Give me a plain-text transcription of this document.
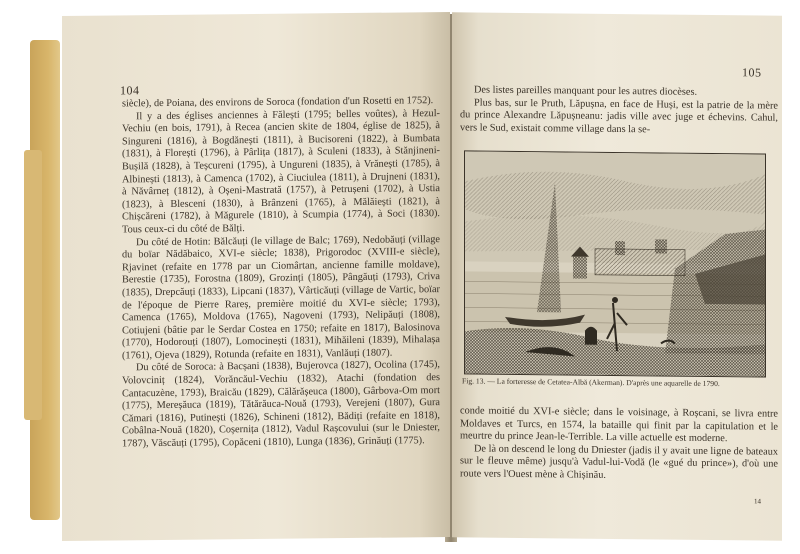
104

siècle), de Poiana, des environs de Soroca (fondation d'un Rosetti en 1752).

Il y a des églises anciennes à Fălești (1795; belles voûtes), à Hezul-Vechiu (en bois, 1791), à Recea (ancien skite de 1804, église de 1825), à Singureni (1816), à Bogdănești (1811), à Bucisoreni (1822), à Bumbata (1831), à Florești (1796), à Pârlița (1817), à Sculeni (1833), à Stănjineni-Bușilă (1828), à Teșcureni (1795), à Ungureni (1835), à Vrănești (1785), à Albinești (1813), à Camenca (1702), à Ciuciulea (1811), à Drujneni (1831), à Năvârneț (1812), à Oșeni-Mastrată (1757), à Petrușeni (1702), à Ustia (1823), à Blesceni (1830), à Brânzeni (1765), à Mălăiești (1821), à Chișcăreni (1782), à Măgurele (1810), à Scumpia (1774), à Soci (1830). Tous ceux-ci du côté de Bălți.

Du côté de Hotin: Bălcăuți (le village de Balc; 1769), Nedobăuți (village du boïar Nădăbaico, XVI-e siècle; 1838), Prigorodoc (XVIII-e siècle), Rjavinet (refaite en 1778 par un Ciomârtan, ancienne famille moldave), Berestie (1735), Forostna (1809), Grozinți (1805), Pângăuți (1793), Criva (1835), Drepcăuți (1833), Lipcani (1837), Vârticăuți (village de Vartic, boïar de l'époque de Pierre Rareș, première moitié du XVI-e siècle; 1793), Camenca (1765), Moldova (1765), Nagoveni (1793), Nelipăuți (1808), Cotiujeni (bâtie par le Serdar Costea en 1750; refaite en 1817), Balosinova (1770), Hodorouți (1807), Lomocinești (1831), Mihăileni (1839), Mihalașa (1761), Ojeva (1829), Rotunda (refaite en 1831), Vanlăuți (1807).

Du côté de Soroca: à Bacșani (1838), Bujerovca (1827), Ocolina (1745), Volovciniț (1824), Vorăncăul-Vechiu (1832), Atachi (fondation des Cantacuzène, 1793), Braicău (1829), Călărășeuca (1800), Gârbova-Om mort (1775), Mereșăuca (1819), Tătărăuca-Nouă (1793), Verejeni (1807), Gura Cămari (1816), Putinești (1826), Schineni (1812), Bădiți (refaite en 1818), Cobâlna-Nouă (1820), Coșernița (1812), Vadul Rașcovului (sur le Dniester, 1787), Văscăuți (1795), Copăceni (1810), Lunga (1836), Grinăuți (1775).

105

Des listes pareilles manquant pour les autres diocèses.

Plus bas, sur le Pruth, Lăpușna, en face de Huși, est la patrie de la mère du prince Alexandre Lăpușneanu: jadis ville avec juge et échevins. Cahul, vers le Sud, existait comme village dans la se-

Fig. 13. — La forteresse de Cetatea-Albă (Akerman). D'après une aquarelle de 1790.

conde moitié du XVI-e siècle; dans le voisinage, à Roșcani, se livra entre Moldaves et Turcs, en 1574, la bataille qui finit par la capitulation et le meurtre du prince Jean-le-Terrible. La ville actuelle est moderne.

De là on descend le long du Dniester (jadis il y avait une ligne de bateaux sur le fleuve même) jusqu'à Vadul-lui-Vodă (le «gué du prince»), d'où une route vers l'Ouest mène à Chișinău.

14
